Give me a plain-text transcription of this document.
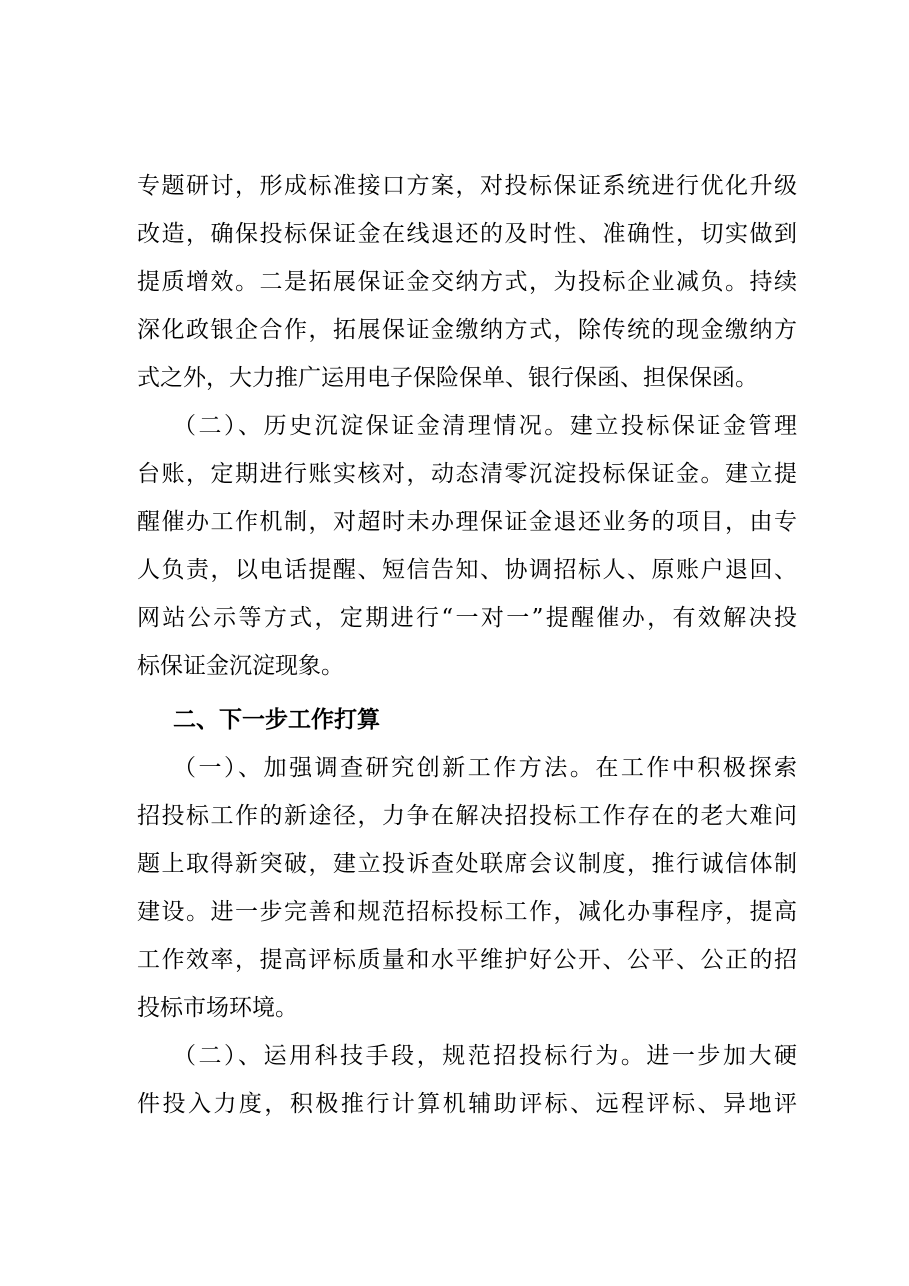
专题研讨，形成标准接口方案，对投标保证系统进行优化升级
改造，确保投标保证金在线退还的及时性、准确性，切实做到
提质增效。二是拓展保证金交纳方式，为投标企业减负。持续
深化政银企合作，拓展保证金缴纳方式，除传统的现金缴纳方
式之外，大力推广运用电子保险保单、银行保函、担保保函。
（二）、历史沉淀保证金清理情况。建立投标保证金管理
台账，定期进行账实核对，动态清零沉淀投标保证金。建立提
醒催办工作机制，对超时未办理保证金退还业务的项目，由专
人负责，以电话提醒、短信告知、协调招标人、原账户退回、
网站公示等方式，定期进行“一对一”提醒催办，有效解决投
标保证金沉淀现象。
二、下一步工作打算
（一）、加强调查研究创新工作方法。在工作中积极探索
招投标工作的新途径，力争在解决招投标工作存在的老大难问
题上取得新突破，建立投诉查处联席会议制度，推行诚信体制
建设。进一步完善和规范招标投标工作，减化办事程序，提高
工作效率，提高评标质量和水平维护好公开、公平、公正的招
投标市场环境。
（二）、运用科技手段，规范招投标行为。进一步加大硬
件投入力度，积极推行计算机辅助评标、远程评标、异地评
